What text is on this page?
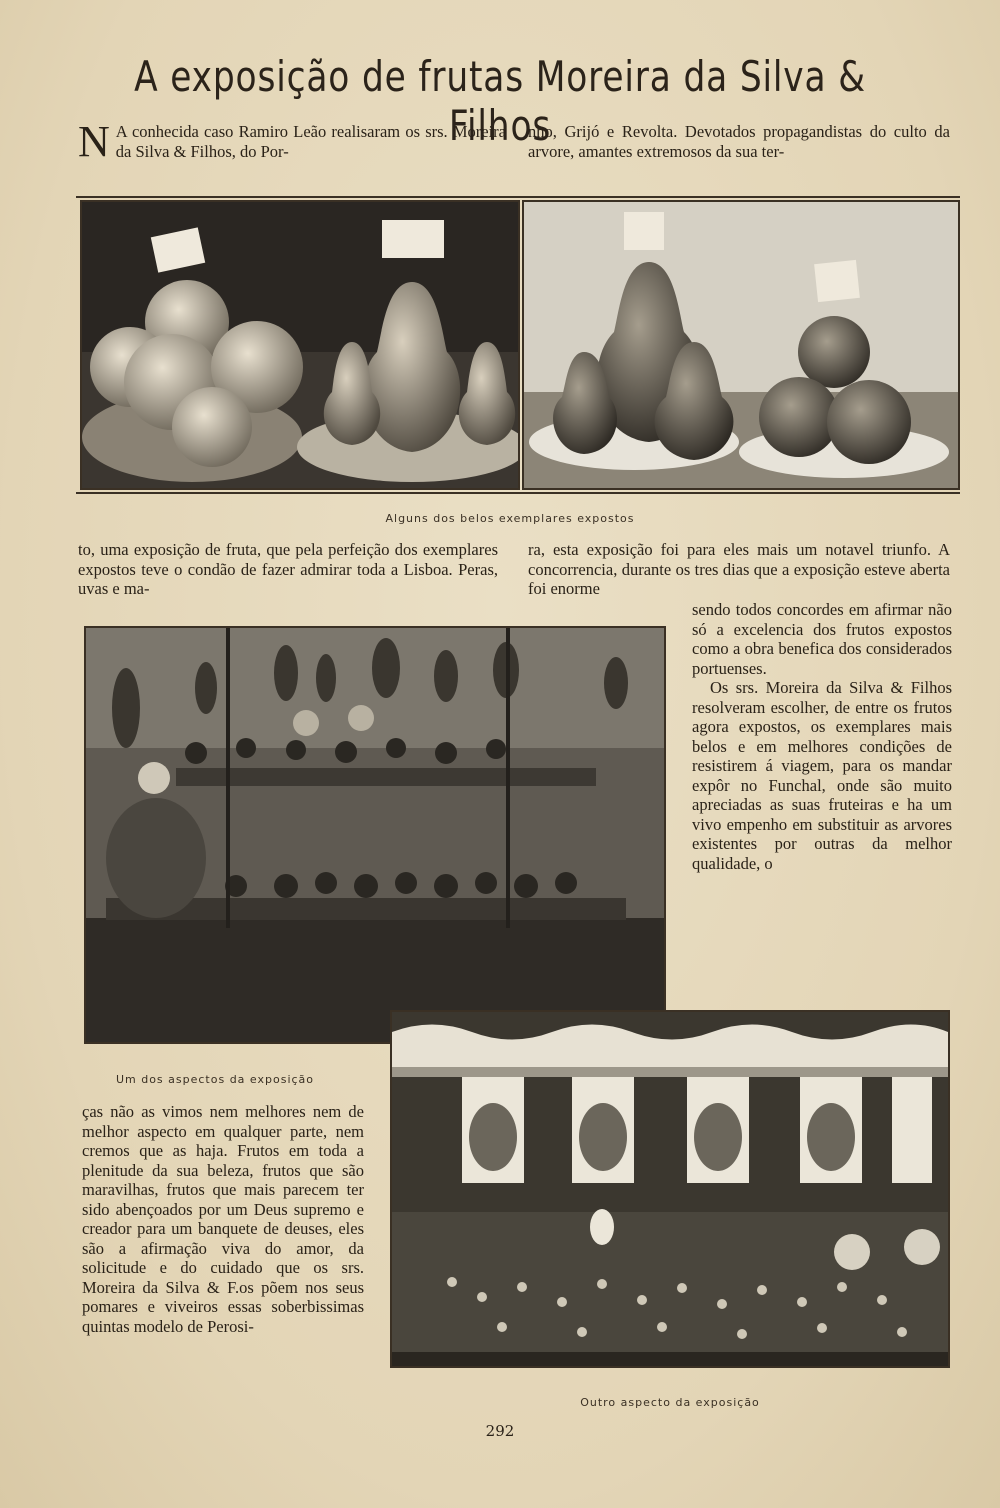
A exposição de frutas Moreira da Silva & Filhos
N A conhecida caso Ramiro Leão realisaram os srs. Moreira da Silva & Filhos, do Por-

nho, Grijó e Revolta. Devotados propagandistas do culto da arvore, amantes extremosos da sua ter-

Alguns dos belos exemplares expostos

to, uma exposição de fruta, que pela perfeição dos exemplares expostos teve o condão de fazer admirar toda a Lisboa. Peras, uvas e ma-

ra, esta exposição foi para eles mais um notavel triunfo. A concorrencia, durante os tres dias que a exposição esteve aberta foi enorme

sendo todos concordes em afirmar não só a excelencia dos frutos expostos como a obra benefica dos considerados portuenses.

Os srs. Moreira da Silva & Filhos resolveram escolher, de entre os frutos agora expostos, os exemplares mais belos e em melhores condições de resistirem á viagem, para os mandar expôr no Funchal, onde são muito apreciadas as suas fruteiras e ha um vivo empenho em substituir as arvores existentes por outras da melhor qualidade, o

Um dos aspectos da exposição

ças não as vimos nem melhores nem de melhor aspecto em qualquer parte, nem cremos que as haja. Frutos em toda a plenitude da sua beleza, frutos que são maravilhas, frutos que mais parecem ter sido abençoados por um Deus supremo e creador para um banquete de deuses, eles são a afirmação viva do amor, da solicitude e do cuidado que os srs. Moreira da Silva & F.os põem nos seus pomares e viveiros essas soberbissimas quintas modelo de Perosi-

Outro aspecto da exposição
292
